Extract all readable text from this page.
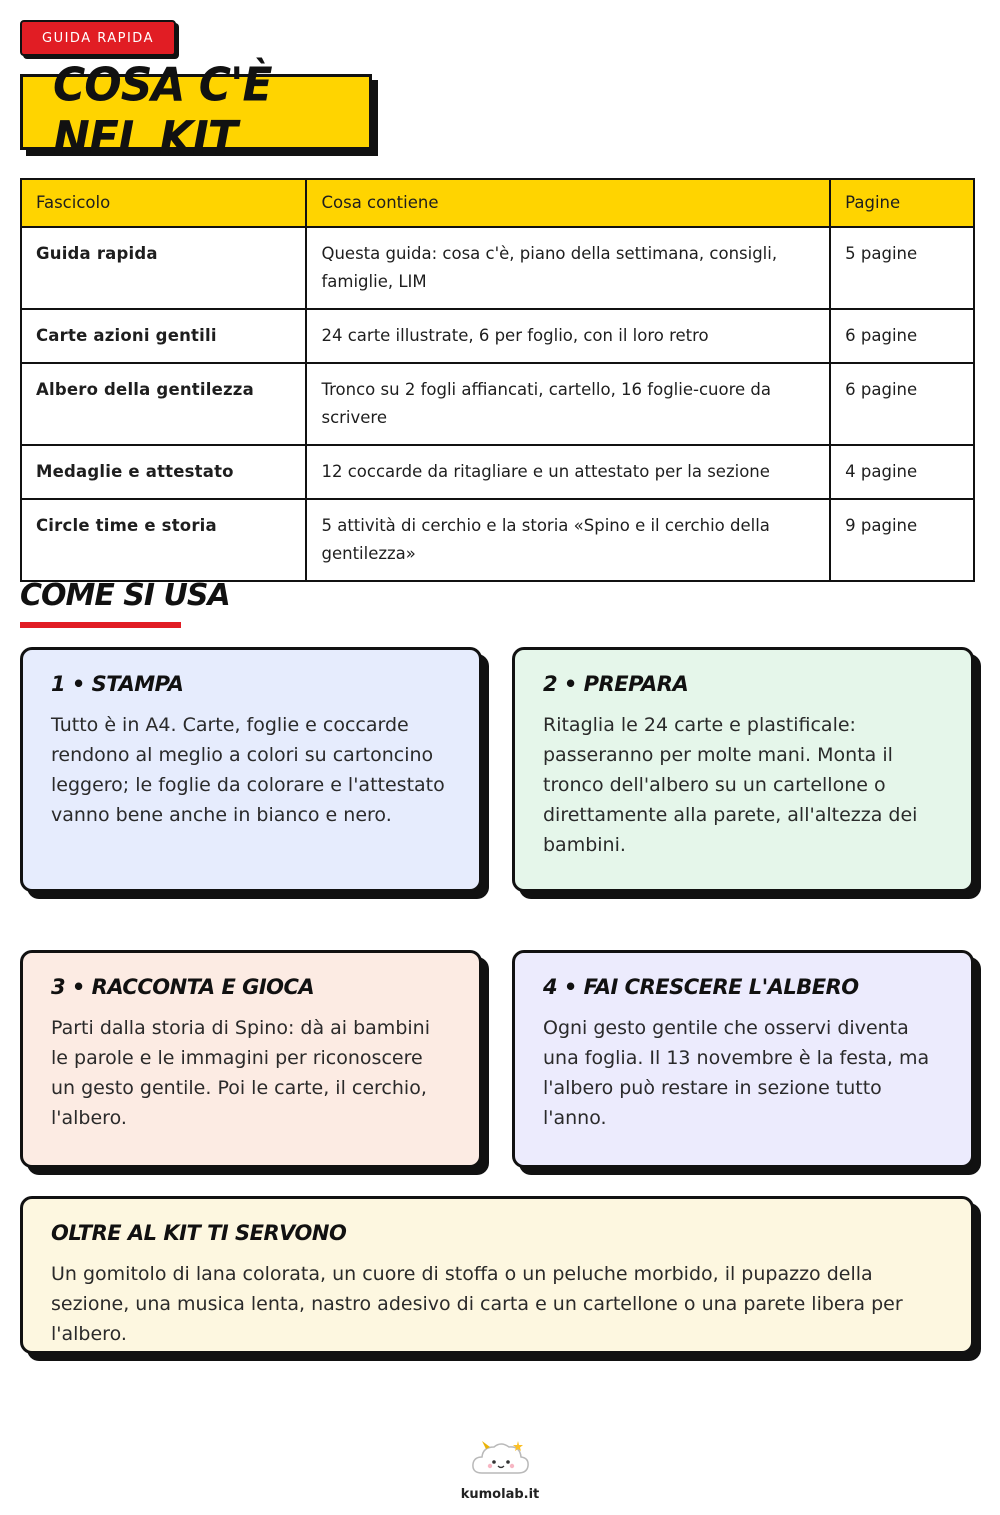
GUIDA RAPIDA
COSA C'È NEL KIT
Fascicolo	Cosa contiene	Pagine
Guida rapida	Questa guida: cosa c'è, piano della settimana, consigli, famiglie, LIM	5 pagine
Carte azioni gentili	24 carte illustrate, 6 per foglio, con il loro retro	6 pagine
Albero della gentilezza	Tronco su 2 fogli affiancati, cartello, 16 foglie-cuore da scrivere	6 pagine
Medaglie e attestato	12 coccarde da ritagliare e un attestato per la sezione	4 pagine
Circle time e storia	5 attività di cerchio e la storia «Spino e il cerchio della gentilezza»	9 pagine
COME SI USA
1 • STAMPA

Tutto è in A4. Carte, foglie e coccarde rendono al meglio a colori su cartoncino leggero; le foglie da colorare e l'attestato vanno bene anche in bianco e nero.

2 • PREPARA

Ritaglia le 24 carte e plastificale: passeranno per molte mani. Monta il tronco dell'albero su un cartellone o direttamente alla parete, all'altezza dei bambini.

3 • RACCONTA E GIOCA

Parti dalla storia di Spino: dà ai bambini le parole e le immagini per riconoscere un gesto gentile. Poi le carte, il cerchio, l'albero.

4 • FAI CRESCERE L'ALBERO

Ogni gesto gentile che osservi diventa una foglia. Il 13 novembre è la festa, ma l'albero può restare in sezione tutto l'anno.

OLTRE AL KIT TI SERVONO

Un gomitolo di lana colorata, un cuore di stoffa o un peluche morbido, il pupazzo della sezione, una musica lenta, nastro adesivo di carta e un cartellone o una parete libera per l'albero.

kumolab.it
